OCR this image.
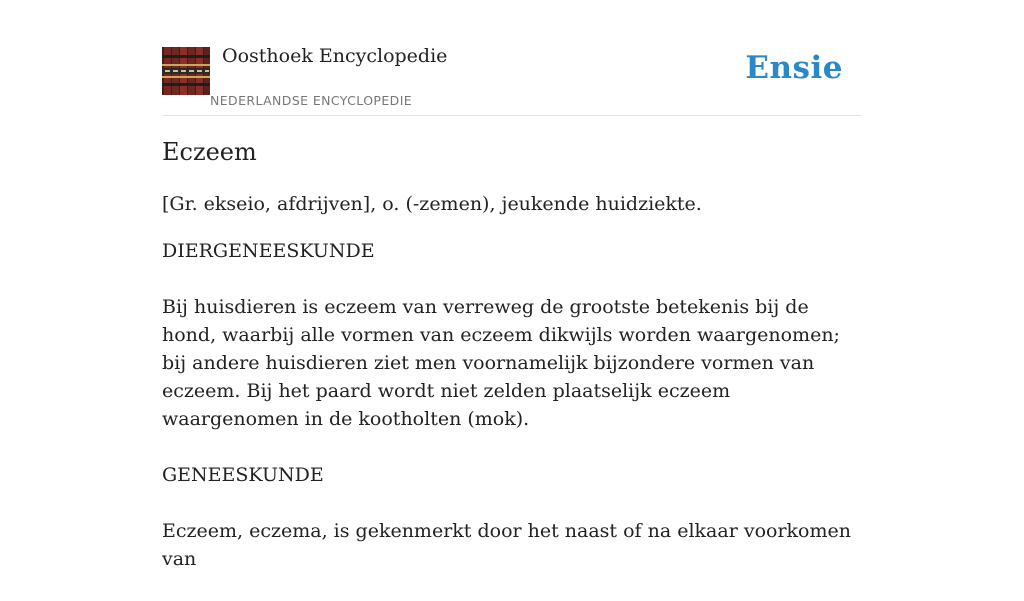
Oosthoek Encyclopedie
NEDERLANDSE ENCYCLOPEDIE
Ensie
Eczeem

[Gr. ekseio, afdrijven], o. (-zemen), jeukende huidziekte.

DIERGENEESKUNDE

Bij huisdieren is eczeem van verreweg de grootste betekenis bij de hond, waarbij alle vormen van eczeem dikwijls worden waargenomen; bij andere huisdieren ziet men voornamelijk bijzondere vormen van eczeem. Bij het paard wordt niet zelden plaatselijk eczeem waargenomen in de kootholten (mok).

GENEESKUNDE

Eczeem, eczema, is gekenmerkt door het naast of na elkaar voorkomen van
